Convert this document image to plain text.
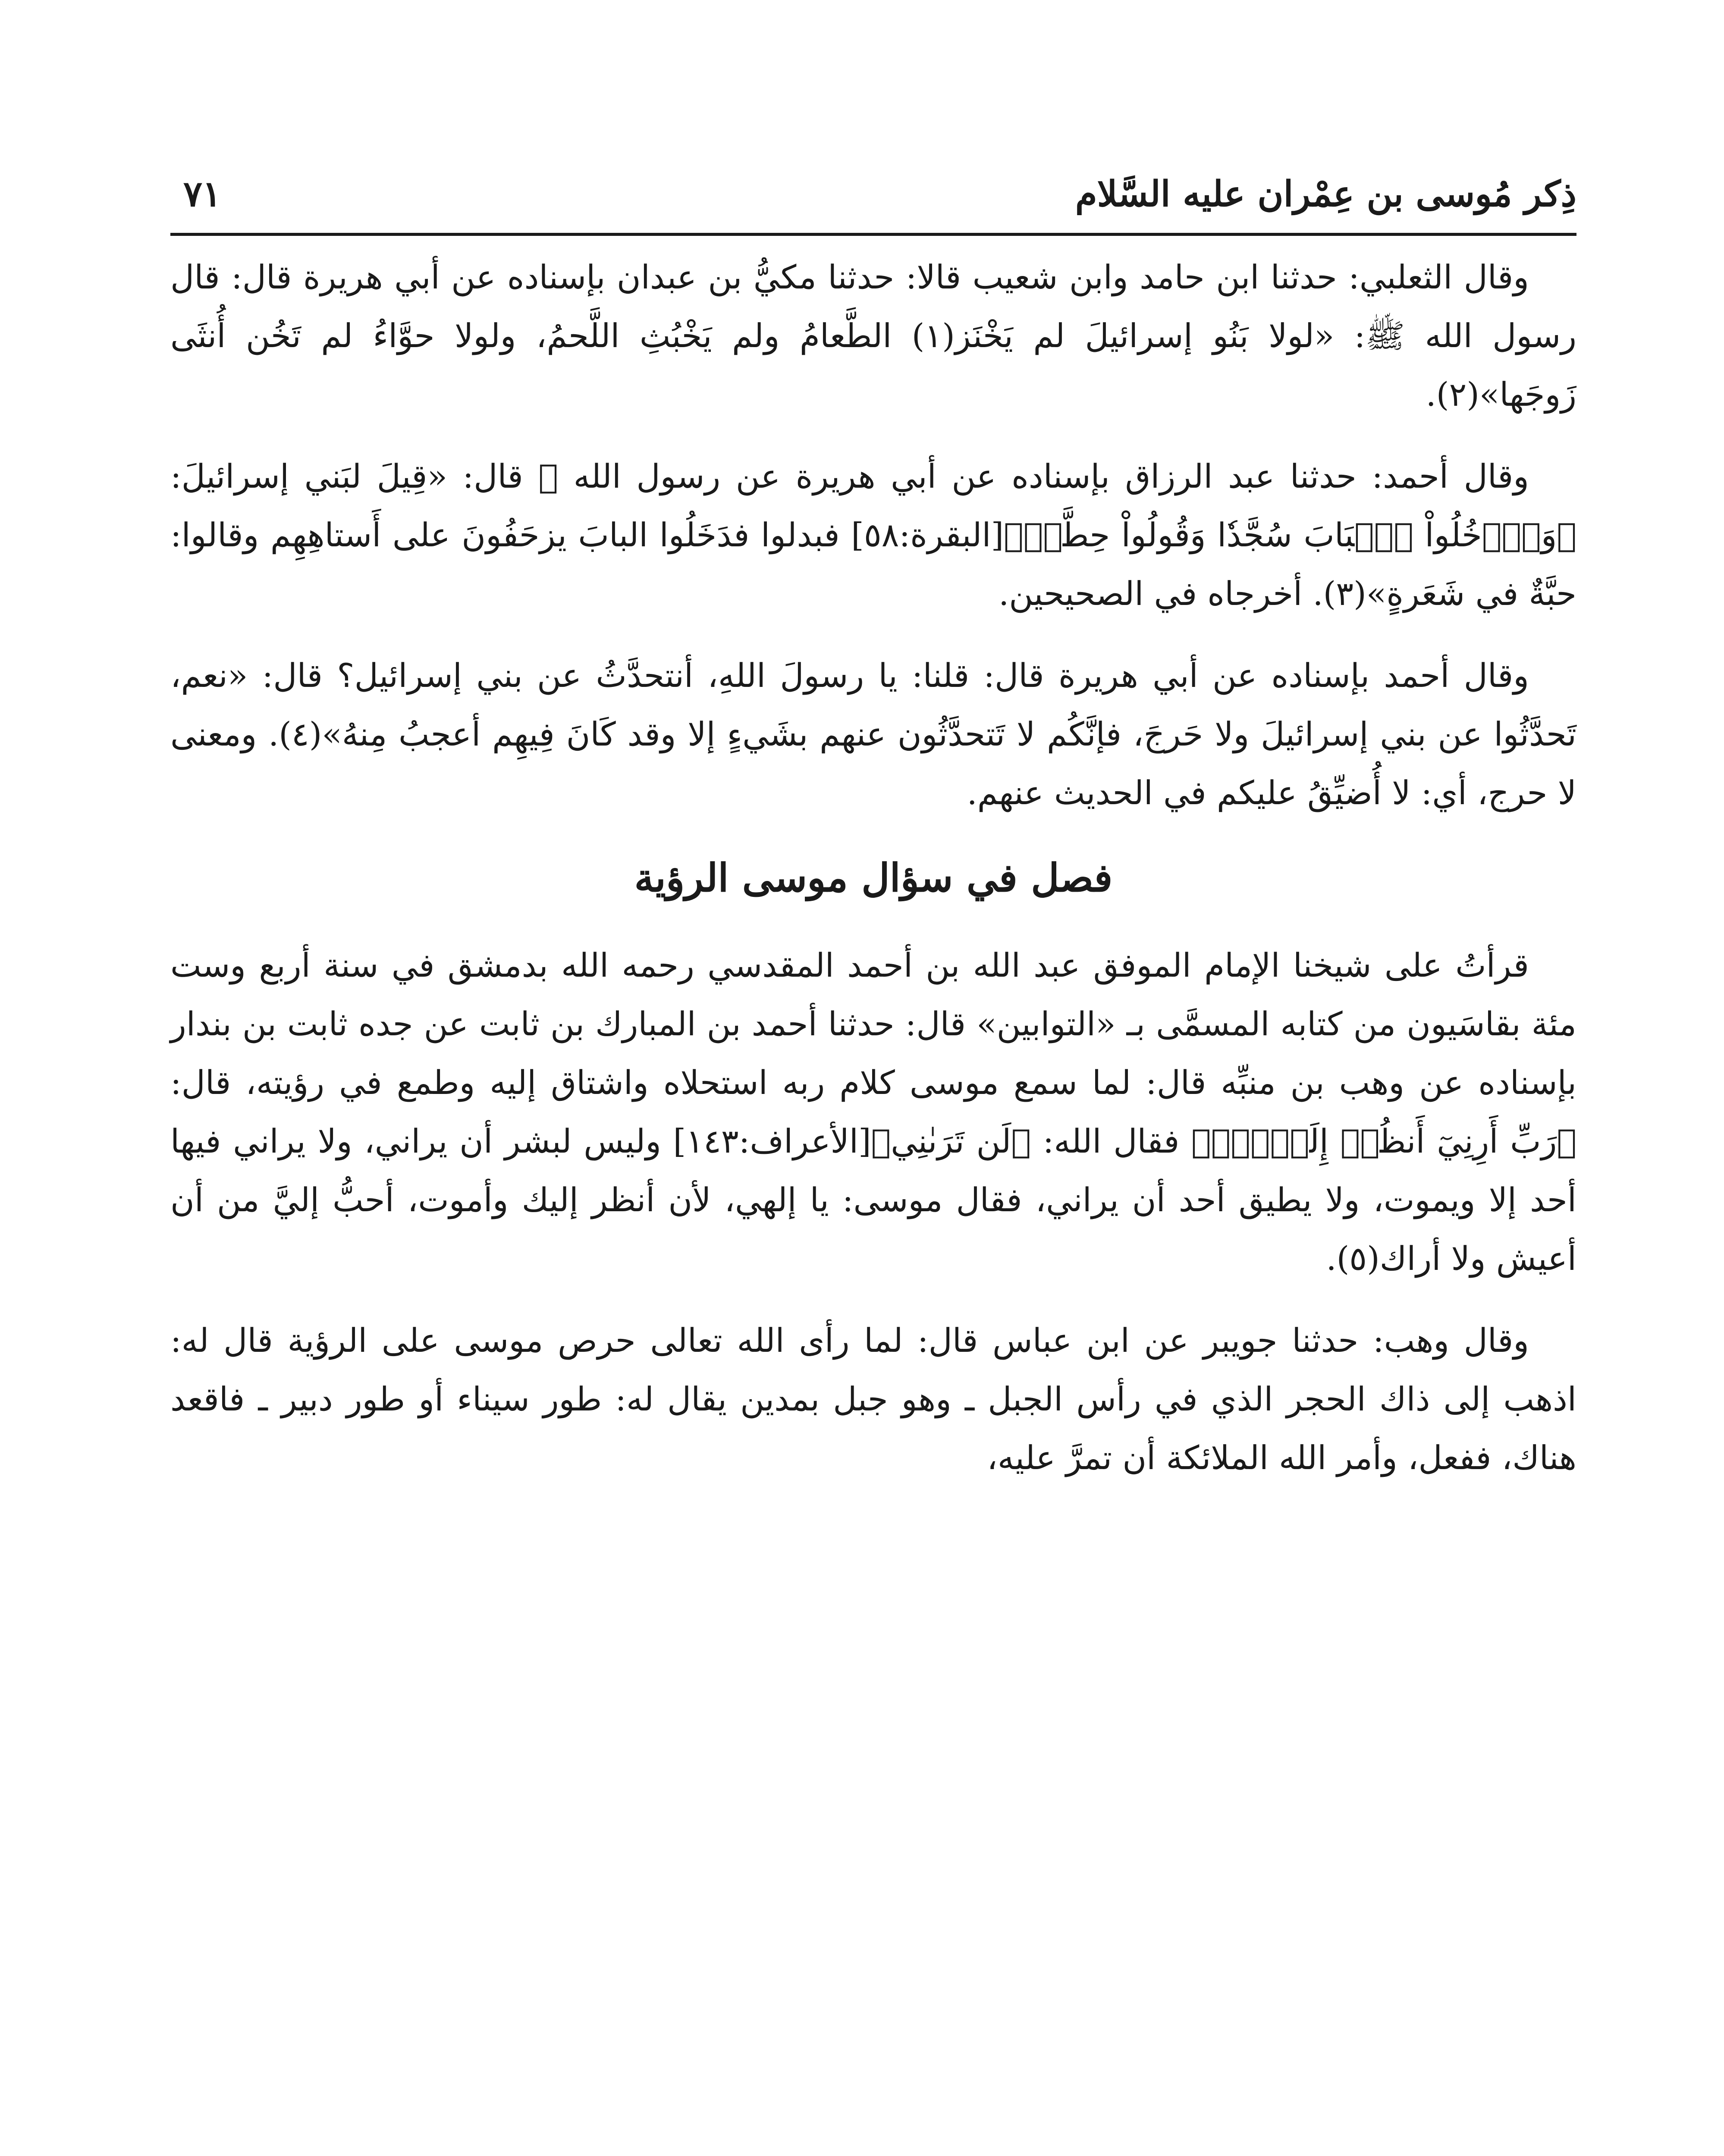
ذِكر مُوسى بن عِمْران عليه السَّلام
٧١

وقال الثعلبي: حدثنا ابن حامد وابن شعيب قالا: حدثنا مكيُّ بن عبدان بإسناده عن أبي هريرة قال: قال رسول الله ﷺ: «لولا بَنُو إسرائيلَ لم يَخْنَز(١) الطَّعامُ ولم يَخْبُثِ اللَّحمُ، ولولا حوَّاءُ لم تَخُن أُنثَى زَوجَها»(٢).

وقال أحمد: حدثنا عبد الرزاق بإسناده عن أبي هريرة عن رسول الله ﷺ قال: «قِيلَ لبَني إسرائيلَ: ﴿وَٱدۡخُلُواْ ٱلۡبَابَ سُجَّدٗا وَقُولُواْ حِطَّةٞ﴾[البقرة:٥٨] فبدلوا فدَخَلُوا البابَ يزحَفُونَ على أَستاهِهِم وقالوا: حبَّةٌ في شَعَرةٍ»(٣). أخرجاه في الصحيحين.

وقال أحمد بإسناده عن أبي هريرة قال: قلنا: يا رسولَ اللهِ، أنتحدَّثُ عن بني إسرائيل؟ قال: «نعم، تَحدَّثُوا عن بني إسرائيلَ ولا حَرجَ، فإنَّكُم لا تَتحدَّثُون عنهم بشَيءٍ إلا وقد كَانَ فِيهِم أعجبُ مِنهُ»(٤). ومعنى لا حرج، أي: لا أُضيِّقُ عليكم في الحديث عنهم.

فصل في سؤال موسى الرؤية

قرأتُ على شيخنا الإمام الموفق عبد الله بن أحمد المقدسي رحمه الله بدمشق في سنة أربع وست مئة بقاسَيون من كتابه المسمَّى بـ «التوابين» قال: حدثنا أحمد بن المبارك بن ثابت عن جده ثابت بن بندار بإسناده عن وهب بن منبِّه قال: لما سمع موسى كلام ربه استحلاه واشتاق إليه وطمع في رؤيته، قال: ﴿رَبِّ أَرِنِيٓ أَنظُرۡ إِلَيۡكَۚ﴾ فقال الله: ﴿لَن تَرَىٰنِي﴾[الأعراف:١٤٣] وليس لبشر أن يراني، ولا يراني فيها أحد إلا ويموت، ولا يطيق أحد أن يراني، فقال موسى: يا إلهي، لأن أنظر إليك وأموت، أحبُّ إليَّ من أن أعيش ولا أراك(٥).

وقال وهب: حدثنا جويبر عن ابن عباس قال: لما رأى الله تعالى حرص موسى على الرؤية قال له: اذهب إلى ذاك الحجر الذي في رأس الجبل ـ وهو جبل بمدين يقال له: طور سيناء أو طور دبير ـ فاقعد هناك، ففعل، وأمر الله الملائكة أن تمرَّ عليه،
